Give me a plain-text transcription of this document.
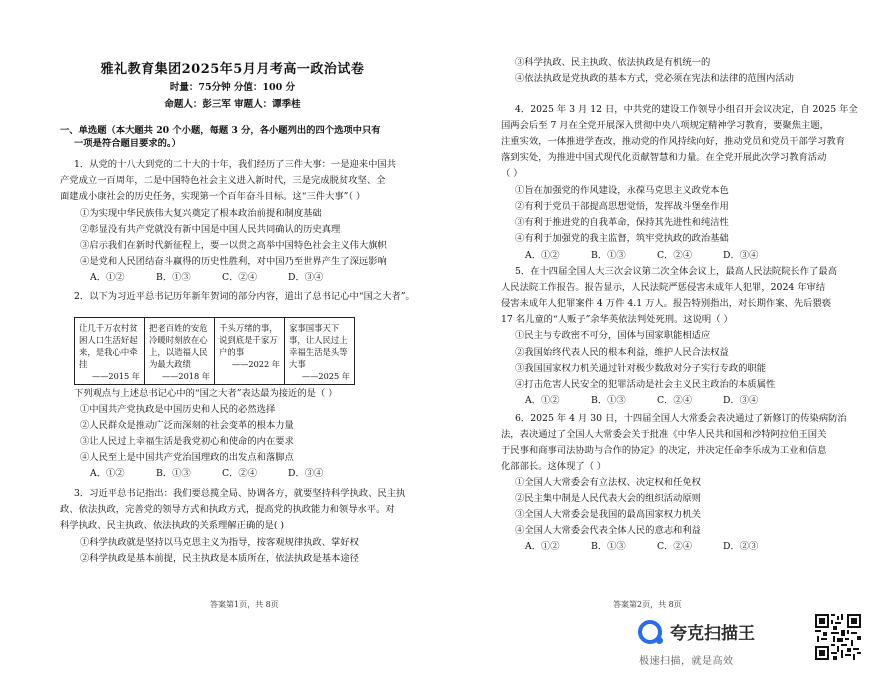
雅礼教育集团2025年5月月考高一政治试卷
时量：75分钟 分值：100 分
命题人：彭三军 审题人：谭季桂
一、单选题（本大题共 20 个小题，每题 3 分，各小题列出的四个选项中只有
一项是符合题目要求的。）
1．从党的十八大到党的二十大的十年，我们经历了三件大事：一是迎来中国共
产党成立一百周年，二是中国特色社会主义进入新时代，三是完成脱贫攻坚、全
面建成小康社会的历史任务，实现第一个百年奋斗目标。这“三件大事”（ ）
①为实现中华民族伟大复兴奠定了根本政治前提和制度基础
②彰显没有共产党就没有新中国是中国人民共同确认的历史真理
③启示我们在新时代新征程上，要一以贯之高举中国特色社会主义伟大旗帜
④是党和人民团结奋斗赢得的历史性胜利，对中国乃至世界产生了深远影响
A．①②	B．①③	C．②④	D．③④
2．以下为习近平总书记历年新年贺词的部分内容，道出了总书记心中“国之大者”。
让几千万农村贫困人口生活好起来，是我心中牵挂
——2015 年
	把老百姓的安危冷暖时刻放在心上，以造福人民为最大政绩
——2018 年
	千头万绪的事，说到底是千家万户的事
——2022 年
	家事国事天下事，让人民过上幸福生活是头等大事
——2025 年
下列观点与上述总书记心中的“国之大者”表达最为接近的是（ ）
①中国共产党执政是中国历史和人民的必然选择
②人民群众是推动广泛而深刻的社会变革的根本力量
③让人民过上幸福生活是我党初心和使命的内在要求
④人民至上是中国共产党治国理政的出发点和落脚点
A．①②	B．①③	C．②④	D．③④
3．习近平总书记指出：我们要总揽全局、协调各方，就要坚持科学执政、民主执
政、依法执政，完善党的领导方式和执政方式，提高党的执政能力和领导水平。对
科学执政、民主执政、依法执政的关系理解正确的是( )
①科学执政就是坚持以马克思主义为指导，按客观规律执政、掌好权
②科学执政是基本前提，民主执政是本质所在，依法执政是基本途径
答案第1页，共 8页
③科学执政、民主执政、依法执政是有机统一的
④依法执政是党执政的基本方式，党必须在宪法和法律的范围内活动
4．2025 年 3 月 12 日，中共党的建设工作领导小组召开会议决定，自 2025 年全
国两会后至 7 月在全党开展深入贯彻中央八项规定精神学习教育，要聚焦主题，
注重实效，一体推进学查改，推动党的作风持续向好，推动党员和党员干部学习教育
落到实处，为推进中国式现代化贡献智慧和力量。在全党开展此次学习教育活动
（ ）
①旨在加强党的作风建设，永葆马克思主义政党本色
②有利于党员干部提高思想觉悟，发挥战斗堡垒作用
③有利于推进党的自我革命，保持其先进性和纯洁性
④有利于加强党的我主监督，筑牢党执政的政治基础
A．①②	B．①③	C．②④	D．③④
5．在十四届全国人大三次会议第二次全体会议上，最高人民法院院长作了最高
人民法院工作报告。报告显示，人民法院严惩侵害未成年人犯罪，2024 年审结
侵害未成年人犯罪案件 4 万件 4.1 万人。报告特别指出，对长期作案、先后猥亵
17 名儿童的“人贩子”余华英依法判处死刑。这说明（ ）
①民主与专政密不可分，国体与国家职能相适应
②我国始终代表人民的根本利益，维护人民合法权益
③我国国家权力机关通过针对极少数敌对分子实行专政的职能
④打击危害人民安全的犯罪活动是社会主义民主政治的本质属性
A．①②	B．①③	C．②④	D．③④
6．2025 年 4 月 30 日，十四届全国人大常委会表决通过了新修订的传染病防治
法，表决通过了全国人大常委会关于批准《中华人民共和国和沙特阿拉伯王国关
于民事和商事司法协助与合作的协定》的决定，并决定任命李乐成为工业和信息
化部部长。这体现了（ ）
①全国人大常委会有立法权、决定权和任免权
②民主集中制是人民代表大会的组织活动原则
③全国人大常委会是我国的最高国家权力机关
④全国人大常委会代表全体人民的意志和利益
A．①②	B．①③	C．②④	D．②③
答案第2页，共 8页
夸克扫描王
极速扫描，就是高效
